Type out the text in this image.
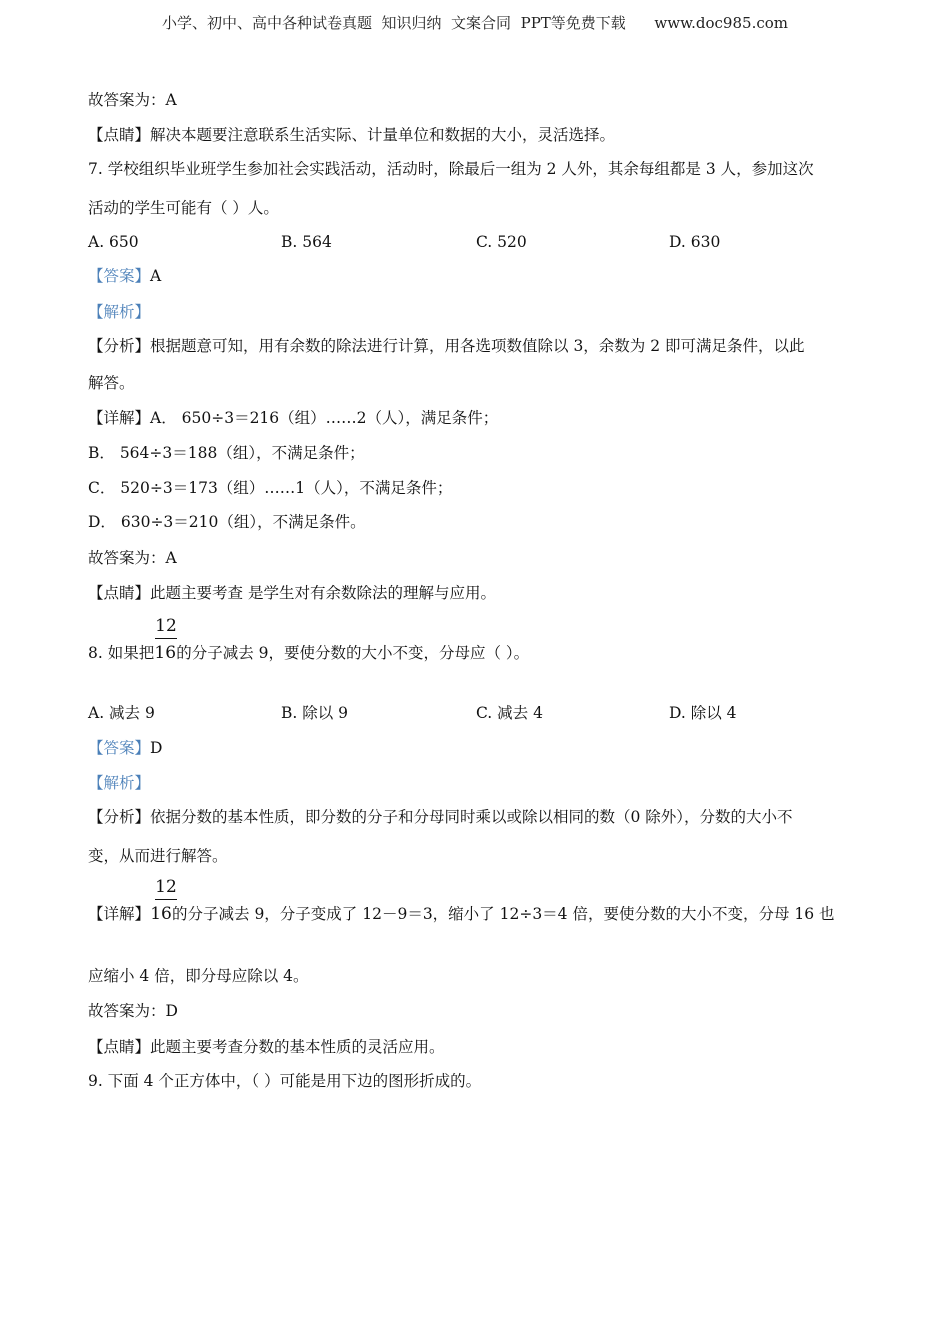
小学、初中、高中各种试卷真题  知识归纳  文案合同  PPT等免费下载      www.doc985.com
故答案为：A
【点睛】解决本题要注意联系生活实际、计量单位和数据的大小，灵活选择。
7. 学校组织毕业班学生参加社会实践活动，活动时，除最后一组为 2 人外，其余每组都是 3 人，参加这次
活动的学生可能有（ ）人。
A. 650	B. 564	C. 520	D. 630
【答案】A
【解析】
【分析】根据题意可知，用有余数的除法进行计算，用各选项数值除以 3，余数为 2 即可满足条件，以此
解答。
【详解】A． 650÷3＝216（组）……2（人），满足条件；
B． 564÷3＝188（组），不满足条件；
C． 520÷3＝173（组）……1（人），不满足条件；
D． 630÷3＝210（组），不满足条件。
故答案为：A
【点睛】此题主要考查 是学生对有余数除法的理解与应用。
12
8. 如果把16的分子减去 9，要使分数的大小不变，分母应（ ）。
A. 减去 9	B. 除以 9	C. 减去 4	D. 除以 4
【答案】D
【解析】
【分析】依据分数的基本性质，即分数的分子和分母同时乘以或除以相同的数（0 除外），分数的大小不
变，从而进行解答。
12
【详解】16的分子减去 9，分子变成了 12－9＝3，缩小了 12÷3＝4 倍，要使分数的大小不变，分母 16 也
应缩小 4 倍，即分母应除以 4。
故答案为：D
【点睛】此题主要考查分数的基本性质的灵活应用。
9. 下面 4 个正方体中，（ ）可能是用下边的图形折成的。
